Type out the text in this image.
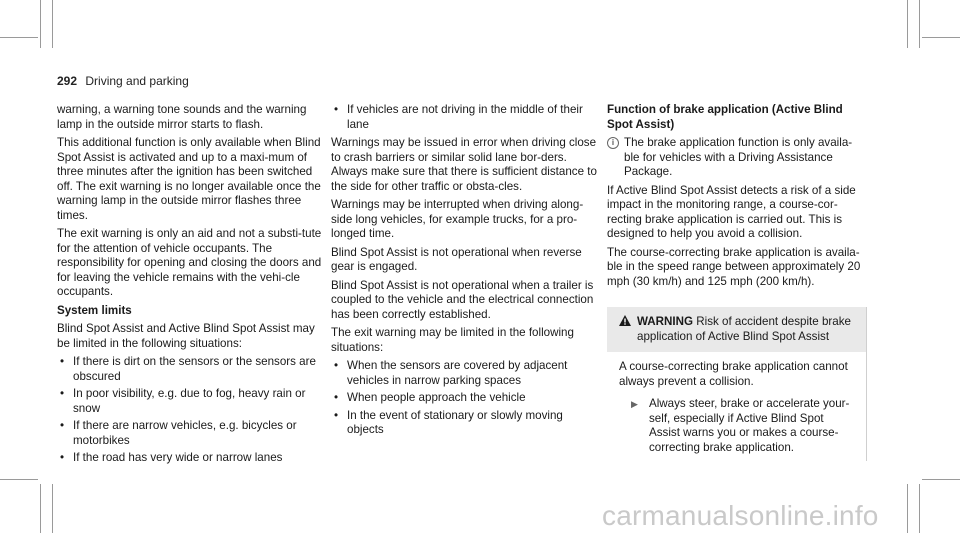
292 Driving and parking

warning, a warning tone sounds and the warning lamp in the outside mirror starts to flash.

This additional function is only available when Blind Spot Assist is activated and up to a maxi-mum of three minutes after the ignition has been switched off. The exit warning is no longer available once the warning lamp in the outside mirror flashes three times.

The exit warning is only an aid and not a substi-tute for the attention of vehicle occupants. The responsibility for opening and closing the doors and for leaving the vehicle remains with the vehi-cle occupants.

System limits

Blind Spot Assist and Active Blind Spot Assist may be limited in the following situations:

• If there is dirt on the sensors or the sensors are obscured
• In poor visibility, e.g. due to fog, heavy rain or snow
• If there are narrow vehicles, e.g. bicycles or motorbikes
• If the road has very wide or narrow lanes
• If vehicles are not driving in the middle of their lane

Warnings may be issued in error when driving close to crash barriers or similar solid lane bor-ders. Always make sure that there is sufficient distance to the side for other traffic or obsta-cles.

Warnings may be interrupted when driving along-side long vehicles, for example trucks, for a pro-longed time.

Blind Spot Assist is not operational when reverse gear is engaged.

Blind Spot Assist is not operational when a trailer is coupled to the vehicle and the electrical connection has been correctly established.

The exit warning may be limited in the following situations:

• When the sensors are covered by adjacent vehicles in narrow parking spaces
• When people approach the vehicle
• In the event of stationary or slowly moving objects
Function of brake application (Active Blind Spot Assist)
i The brake application function is only availa-ble for vehicles with a Driving Assistance Package.

If Active Blind Spot Assist detects a risk of a side impact in the monitoring range, a course-cor-recting brake application is carried out. This is designed to help you avoid a collision.

The course-correcting brake application is availa-ble in the speed range between approximately 20 mph (30 km/h) and 125 mph (200 km/h).

WARNING Risk of accident despite brake application of Active Blind Spot Assist
A course-correcting brake application cannot always prevent a collision.
▶ Always steer, brake or accelerate your-self, especially if Active Blind Spot Assist warns you or makes a course-correcting brake application.
carmanualsonline.info
